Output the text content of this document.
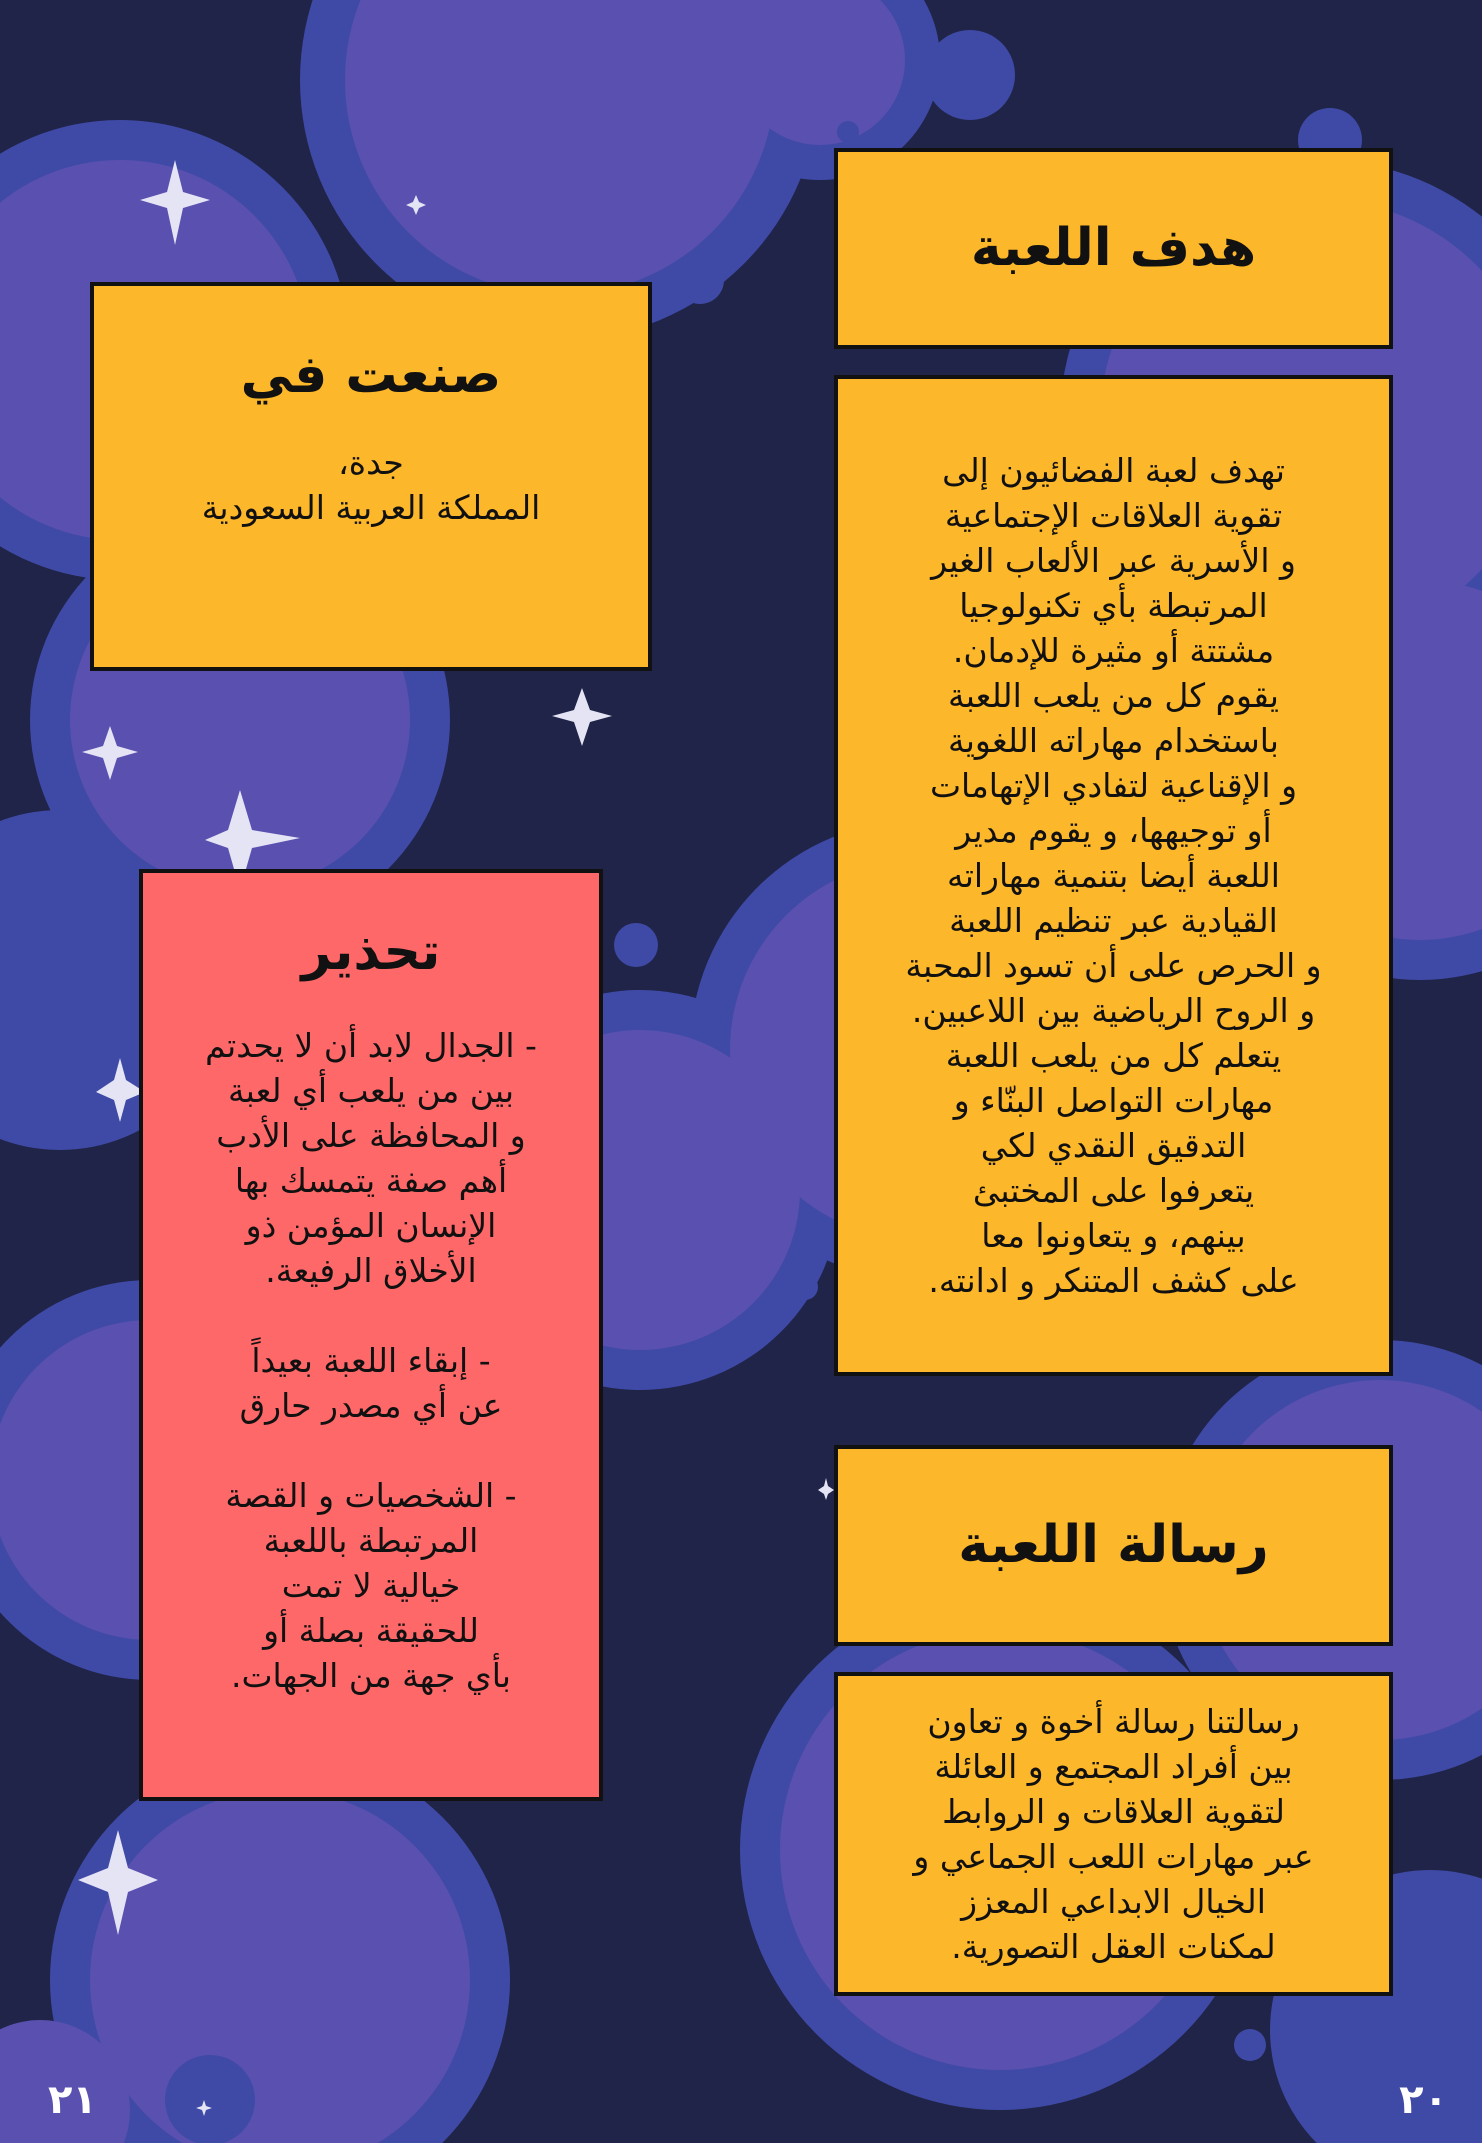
هدف اللعبة

تهدف لعبة الفضائيون إلى
تقوية العلاقات الإجتماعية
و الأسرية عبر الألعاب الغير
المرتبطة بأي تكنولوجيا
مشتتة أو مثيرة للإدمان.
يقوم كل من يلعب اللعبة
باستخدام مهاراته اللغوية
و الإقناعية لتفادي الإتهامات
أو توجيهها، و يقوم مدير
اللعبة أيضا بتنمية مهاراته
القيادية عبر تنظيم اللعبة
و الحرص على أن تسود المحبة
و الروح الرياضية بين اللاعبين.
يتعلم كل من يلعب اللعبة
مهارات التواصل البنّاء و
التدقيق النقدي لكي
يتعرفوا على المختبئ
بينهم، و يتعاونوا معا
على كشف المتنكر و ادانته.

رسالة اللعبة

رسالتنا رسالة أخوة و تعاون
بين أفراد المجتمع و العائلة
لتقوية العلاقات و الروابط
عبر مهارات اللعب الجماعي و
الخيال الابداعي المعزز
لمكنات العقل التصورية.

صنعت في

جدة،
المملكة العربية السعودية

تحذير

- الجدال لابد أن لا يحدتم
بين من يلعب أي لعبة
و المحافظة على الأدب
أهم صفة يتمسك بها
الإنسان المؤمن ذو
الأخلاق الرفيعة.

- إبقاء اللعبة بعيداً
عن أي مصدر حارق

- الشخصيات و القصة
المرتبطة باللعبة
خيالية لا تمت
للحقيقة بصلة أو
بأي جهة من الجهات.

٢٠
٢١
